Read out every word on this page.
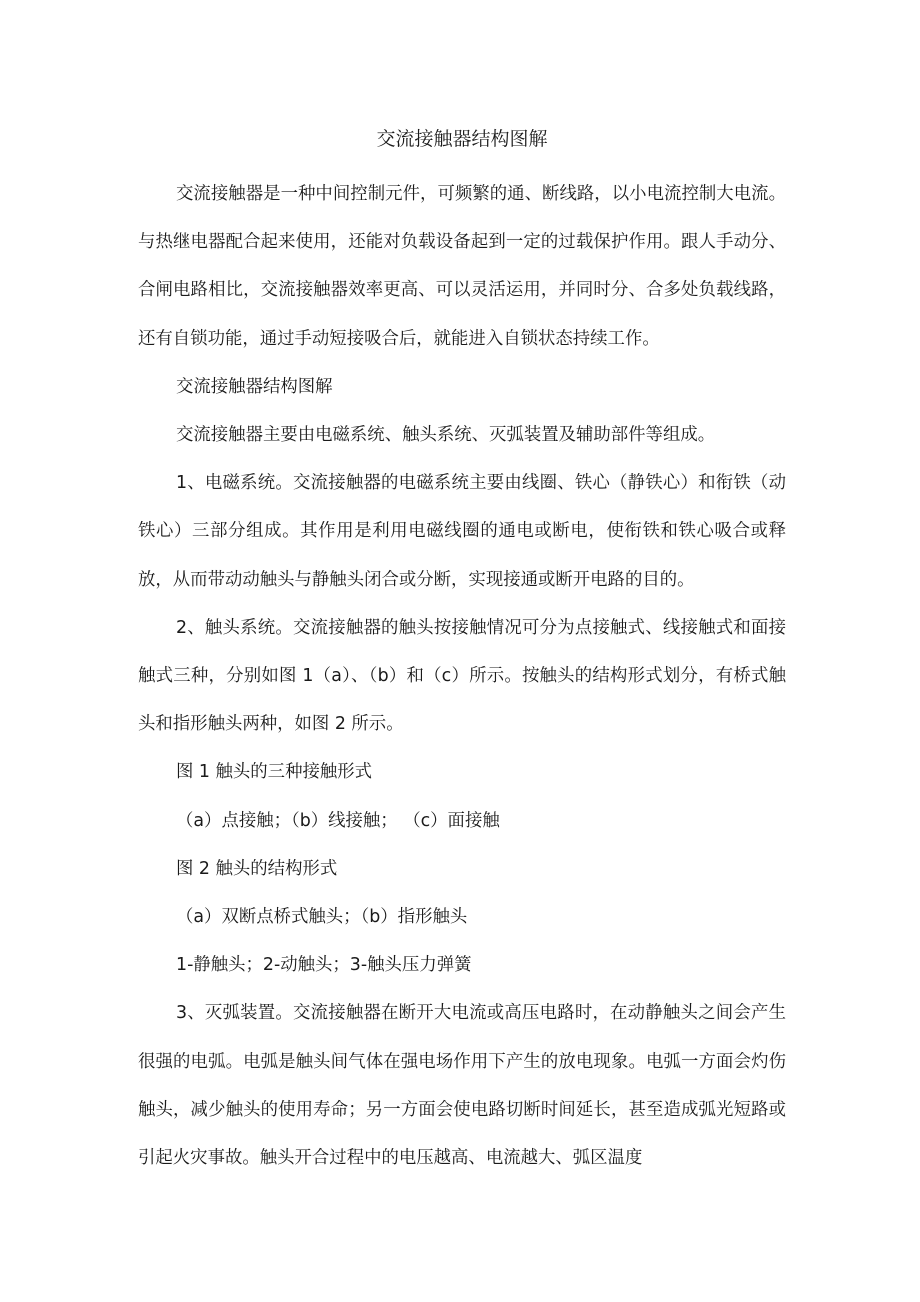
交流接触器结构图解

交流接触器是一种中间控制元件，可频繁的通、断线路，以小电流控制大电流。与热继电器配合起来使用，还能对负载设备起到一定的过载保护作用。跟人手动分、合闸电路相比，交流接触器效率更高、可以灵活运用，并同时分、合多处负载线路，还有自锁功能，通过手动短接吸合后，就能进入自锁状态持续工作。

交流接触器结构图解

交流接触器主要由电磁系统、触头系统、灭弧装置及辅助部件等组成。

1、电磁系统。交流接触器的电磁系统主要由线圈、铁心（静铁心）和衔铁（动铁心）三部分组成。其作用是利用电磁线圈的通电或断电，使衔铁和铁心吸合或释放，从而带动动触头与静触头闭合或分断，实现接通或断开电路的目的。

2、触头系统。交流接触器的触头按接触情况可分为点接触式、线接触式和面接触式三种，分别如图 1（a）、（b）和（c）所示。按触头的结构形式划分，有桥式触头和指形触头两种，如图 2 所示。

图 1 触头的三种接触形式

（a）点接触；（b）线接触； （c）面接触

图 2 触头的结构形式

（a）双断点桥式触头；（b）指形触头

1-静触头；2-动触头；3-触头压力弹簧

3、灭弧装置。交流接触器在断开大电流或高压电路时，在动静触头之间会产生很强的电弧。电弧是触头间气体在强电场作用下产生的放电现象。电弧一方面会灼伤触头，减少触头的使用寿命；另一方面会使电路切断时间延长，甚至造成弧光短路或引起火灾事故。触头开合过程中的电压越高、电流越大、弧区温度
